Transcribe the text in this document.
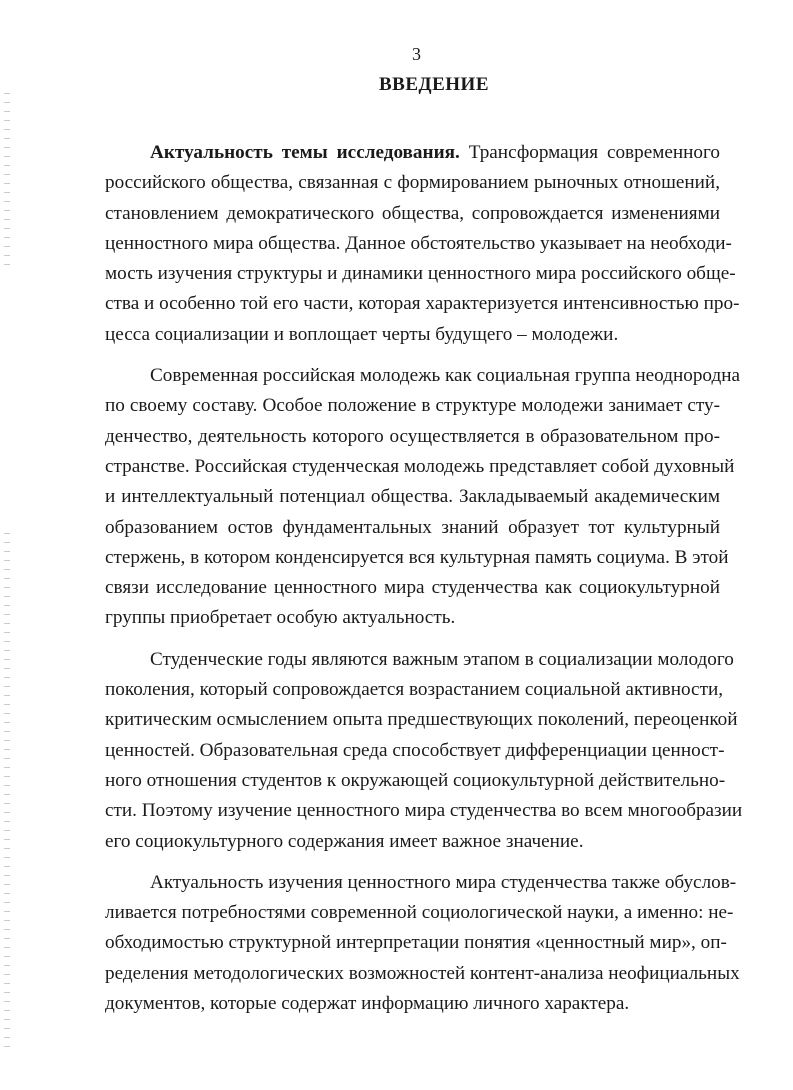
3
ВВЕДЕНИЕ
Актуальность темы исследования. Трансформация современного
российского общества, связанная с формированием рыночных отношений,
становлением демократического общества, сопровождается изменениями
ценностного мира общества. Данное обстоятельство указывает на необходи-
мость изучения структуры и динамики ценностного мира российского обще-
ства и особенно той его части, которая характеризуется интенсивностью про-
цесса социализации и воплощает черты будущего – молодежи.
Современная российская молодежь как социальная группа неоднородна
по своему составу. Особое положение в структуре молодежи занимает сту-
денчество, деятельность которого осуществляется в образовательном про-
странстве. Российская студенческая молодежь представляет собой духовный
и интеллектуальный потенциал общества. Закладываемый академическим
образованием остов фундаментальных знаний образует тот культурный
стержень, в котором конденсируется вся культурная память социума. В этой
связи исследование ценностного мира студенчества как социокультурной
группы приобретает особую актуальность.
Студенческие годы являются важным этапом в социализации молодого
поколения, который сопровождается возрастанием социальной активности,
критическим осмыслением опыта предшествующих поколений, переоценкой
ценностей. Образовательная среда способствует дифференциации ценност-
ного отношения студентов к окружающей социокультурной действительно-
сти. Поэтому изучение ценностного мира студенчества во всем многообразии
его социокультурного содержания имеет важное значение.
Актуальность изучения ценностного мира студенчества также обуслов-
ливается потребностями современной социологической науки, а именно: не-
обходимостью структурной интерпретации понятия «ценностный мир», оп-
ределения методологических возможностей контент-анализа неофициальных
документов, которые содержат информацию личного характера.
